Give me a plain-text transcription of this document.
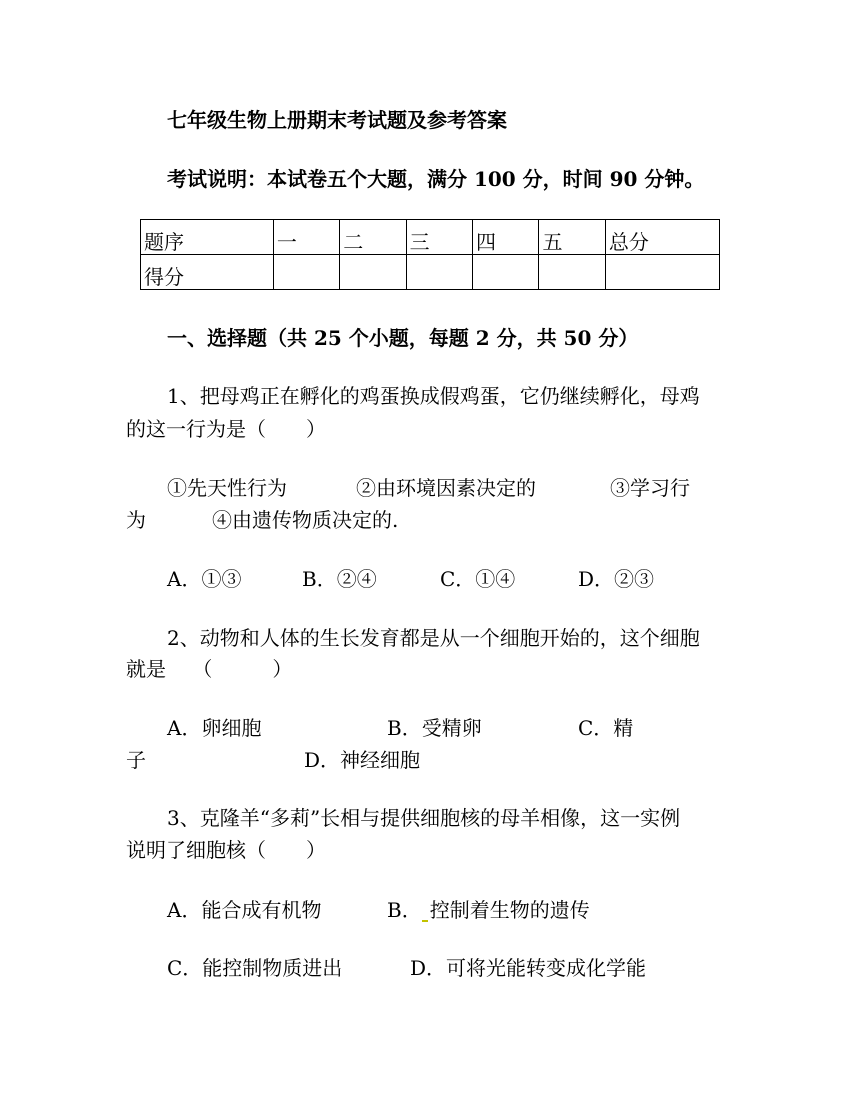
七年级生物上册期末考试题及参考答案
考试说明：本试卷五个大题，满分 100 分，时间 90 分钟。
题序	一	二	三	四	五	总分
得分						
一、选择题（共 25 个小题，每题 2 分，共 50 分）
1、把母鸡正在孵化的鸡蛋换成假鸡蛋，它仍继续孵化，母鸡
的这一行为是（　　）
①先天性行为	②由环境因素决定的	③学习行
为	④由遗传物质决定的.
A．①③	B．②④	C．①④	D．②③
2、动物和人体的生长发育都是从一个细胞开始的，这个细胞
就是　 （　　　）
A．卵细胞	B．受精卵	C．精
子	D．神经细胞
3、克隆羊“多莉”长相与提供细胞核的母羊相像，这一实例
说明了细胞核（　　）
A．能合成有机物	B． 控制着生物的遗传
C．能控制物质进出	D．可将光能转变成化学能
